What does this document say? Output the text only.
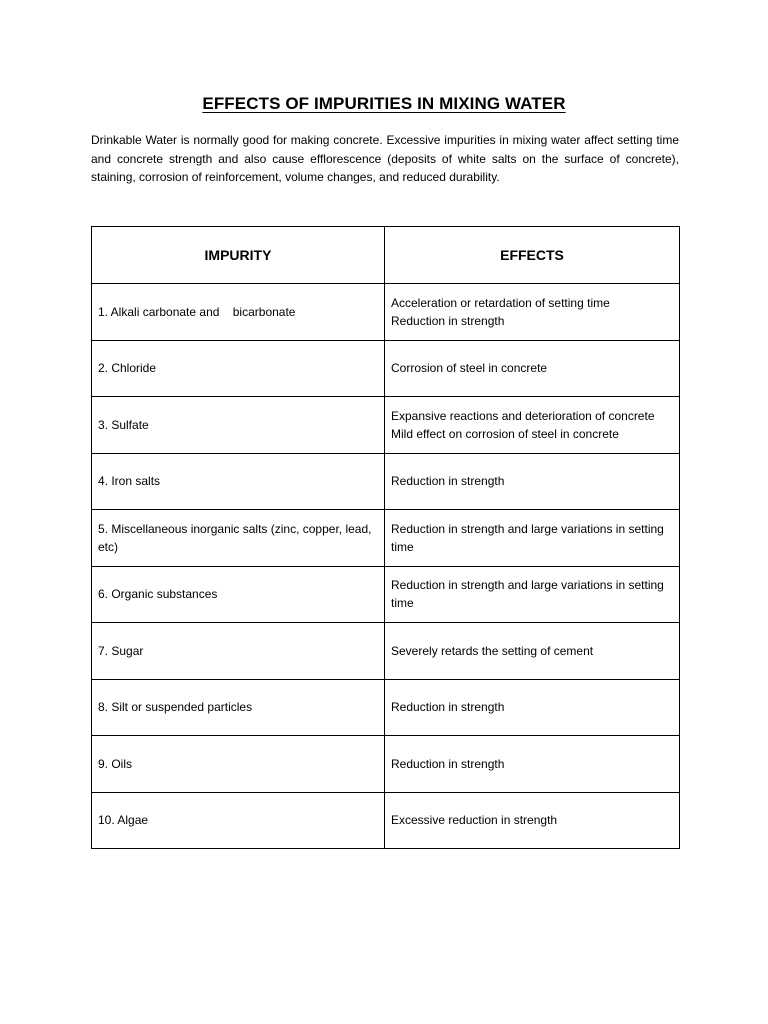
EFFECTS OF IMPURITIES IN MIXING WATER
Drinkable Water is normally good for making concrete. Excessive impurities in mixing water affect setting time and concrete strength and also cause efflorescence (deposits of white salts on the surface of concrete), staining, corrosion of reinforcement, volume changes, and reduced durability.
IMPURITY	EFFECTS
1. Alkali carbonate and    bicarbonate	Acceleration or retardation of setting time
Reduction in strength

2. Chloride	Corrosion of steel in concrete

3. Sulfate	Expansive reactions and deterioration of concrete
Mild effect on corrosion of steel in concrete

4. Iron salts	Reduction in strength

5. Miscellaneous inorganic salts (zinc, copper, lead, etc)	Reduction in strength and large variations in setting time

6. Organic substances	Reduction in strength and large variations in setting time

7. Sugar	Severely retards the setting of cement

8. Silt or suspended particles	Reduction in strength

9. Oils	Reduction in strength

10. Algae	Excessive reduction in strength
